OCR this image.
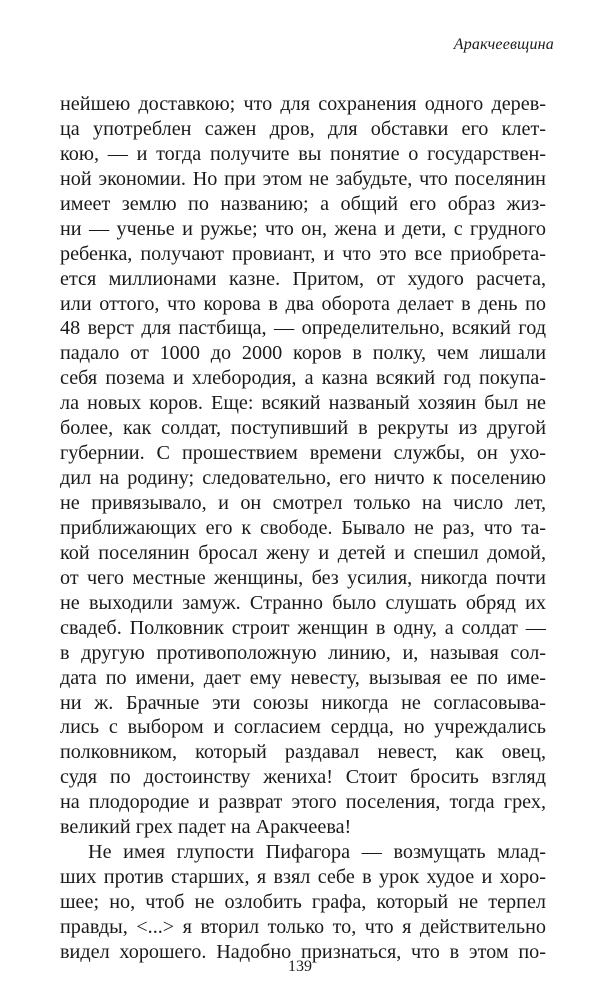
Аракчеевщина
нейшею доставкою; что для сохранения одного дерев-
ца употреблен сажен дров, для обставки его клет-
кою, — и тогда получите вы понятие о государствен-
ной экономии. Но при этом не забудьте, что поселянин
имеет землю по названию; а общий его образ жиз-
ни — ученье и ружье; что он, жена и дети, с грудного
ребенка, получают провиант, и что это все приобрета-
ется миллионами казне. Притом, от худого расчета,
или оттого, что корова в два оборота делает в день по
48 верст для пастбища, — определительно, всякий год
падало от 1000 до 2000 коров в полку, чем лишали
себя позема и хлебородия, а казна всякий год покупа-
ла новых коров. Еще: всякий названый хозяин был не
более, как солдат, поступивший в рекруты из другой
губернии. С прошествием времени службы, он ухо-
дил на родину; следовательно, его ничто к поселению
не привязывало, и он смотрел только на число лет,
приближающих его к свободе. Бывало не раз, что та-
кой поселянин бросал жену и детей и спешил домой,
от чего местные женщины, без усилия, никогда почти
не выходили замуж. Странно было слушать обряд их
свадеб. Полковник строит женщин в одну, а солдат —
в другую противоположную линию, и, называя сол-
дата по имени, дает ему невесту, вызывая ее по име-
ни ж. Брачные эти союзы никогда не согласовыва-
лись с выбором и согласием сердца, но учреждались
полковником, который раздавал невест, как овец,
судя по достоинству жениха! Стоит бросить взгляд
на плодородие и разврат этого поселения, тогда грех,
великий грех падет на Аракчеева!
Не имея глупости Пифагора — возмущать млад-
ших против старших, я взял себе в урок худое и хоро-
шее; но, чтоб не озлобить графа, который не терпел
правды, <...> я вторил только то, что я действительно
видел хорошего. Надобно признаться, что в этом по-
139
